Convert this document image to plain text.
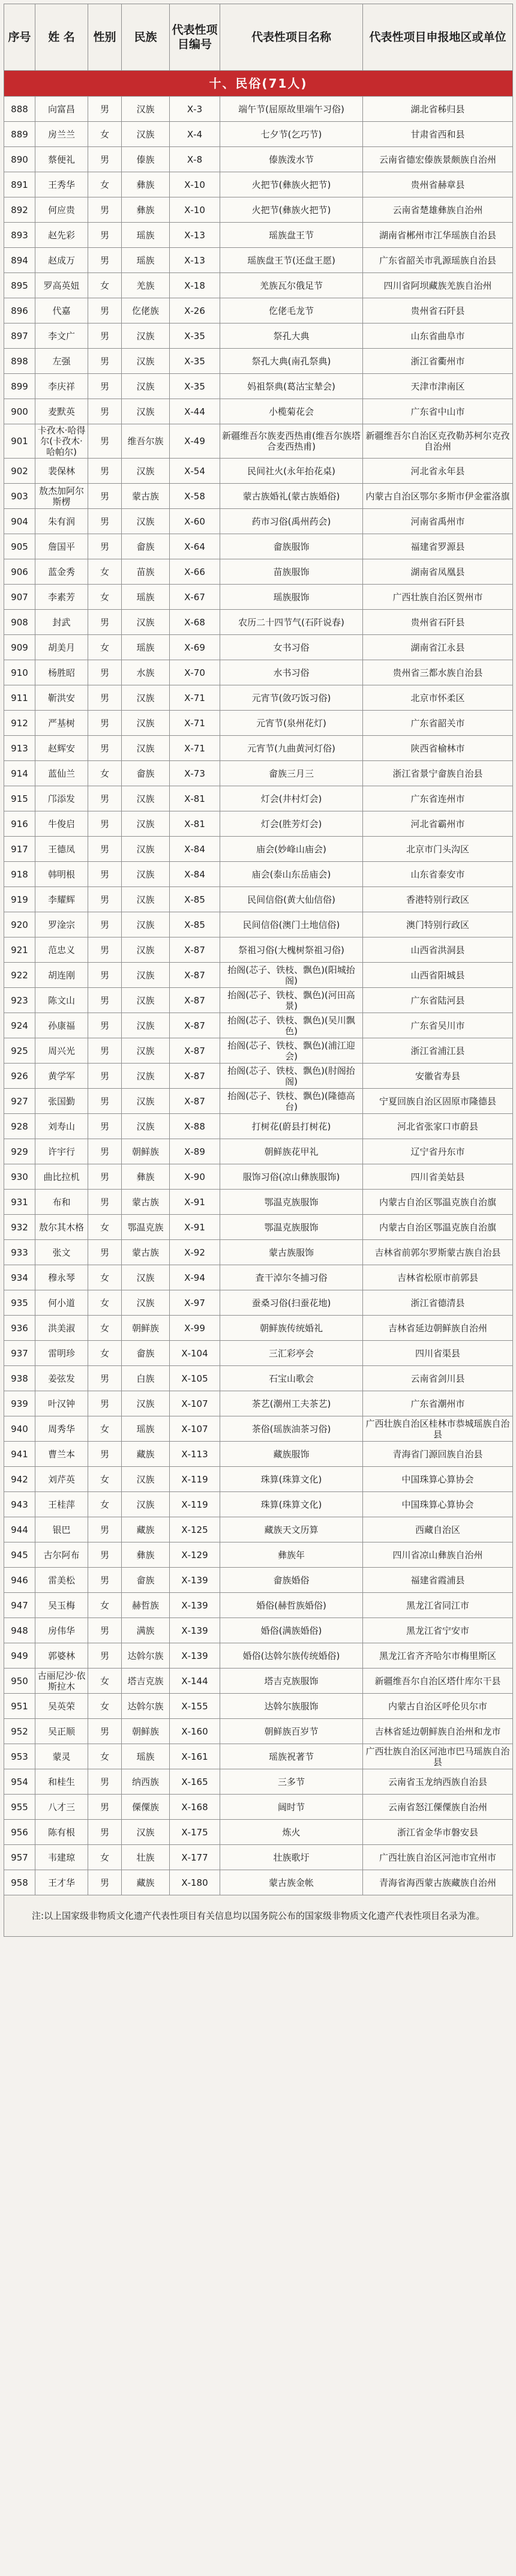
序号	姓 名	性别	民族	代表性项目编号	代表性项目名称	代表性项目申报地区或单位
十、民俗(71人)						
888	向富昌	男	汉族	Ⅹ-3	端午节(屈原故里端午习俗)	湖北省秭归县
889	房兰兰	女	汉族	Ⅹ-4	七夕节(乞巧节)	甘肃省西和县
890	蔡便礼	男	傣族	Ⅹ-8	傣族泼水节	云南省德宏傣族景颇族自治州
891	王秀华	女	彝族	Ⅹ-10	火把节(彝族火把节)	贵州省赫章县
892	何应贵	男	彝族	Ⅹ-10	火把节(彝族火把节)	云南省楚雄彝族自治州
893	赵先彩	男	瑶族	Ⅹ-13	瑶族盘王节	湖南省郴州市江华瑶族自治县
894	赵成万	男	瑶族	Ⅹ-13	瑶族盘王节(还盘王愿)	广东省韶关市乳源瑶族自治县
895	罗高英妞	女	羌族	Ⅹ-18	羌族瓦尔俄足节	四川省阿坝藏族羌族自治州
896	代嘉	男	仡佬族	Ⅹ-26	仡佬毛龙节	贵州省石阡县
897	李文广	男	汉族	Ⅹ-35	祭孔大典	山东省曲阜市
898	左强	男	汉族	Ⅹ-35	祭孔大典(南孔祭典)	浙江省衢州市
899	李庆祥	男	汉族	Ⅹ-35	妈祖祭典(葛沽宝辇会)	天津市津南区
900	麦默英	男	汉族	Ⅹ-44	小榄菊花会	广东省中山市
901	卡孜木·哈得尔(卡孜木·哈帕尔)	男	维吾尔族	Ⅹ-49	新疆维吾尔族麦西热甫(维吾尔族塔合麦西热甫)	新疆维吾尔自治区克孜勒苏柯尔克孜自治州
902	裴保林	男	汉族	Ⅹ-54	民间社火(永年抬花桌)	河北省永年县
903	敖杰加阿尔斯楞	男	蒙古族	Ⅹ-58	蒙古族婚礼(蒙古族婚俗)	内蒙古自治区鄂尔多斯市伊金霍洛旗
904	朱有润	男	汉族	Ⅹ-60	药市习俗(禹州药会)	河南省禹州市
905	詹国平	男	畲族	Ⅹ-64	畲族服饰	福建省罗源县
906	蓝金秀	女	苗族	Ⅹ-66	苗族服饰	湖南省凤凰县
907	李素芳	女	瑶族	Ⅹ-67	瑶族服饰	广西壮族自治区贺州市
908	封武	男	汉族	Ⅹ-68	农历二十四节气(石阡说春)	贵州省石阡县
909	胡美月	女	瑶族	Ⅹ-69	女书习俗	湖南省江永县
910	杨胜昭	男	水族	Ⅹ-70	水书习俗	贵州省三都水族自治县
911	靳洪安	男	汉族	Ⅹ-71	元宵节(敛巧饭习俗)	北京市怀柔区
912	严基树	男	汉族	Ⅹ-71	元宵节(泉州花灯)	广东省韶关市
913	赵辉安	男	汉族	Ⅹ-71	元宵节(九曲黄河灯俗)	陕西省榆林市
914	蓝仙兰	女	畲族	Ⅹ-73	畲族三月三	浙江省景宁畲族自治县
915	邝添发	男	汉族	Ⅹ-81	灯会(井村灯会)	广东省连州市
916	牛俊启	男	汉族	Ⅹ-81	灯会(胜芳灯会)	河北省霸州市
917	王德凤	男	汉族	Ⅹ-84	庙会(妙峰山庙会)	北京市门头沟区
918	韩明根	男	汉族	Ⅹ-84	庙会(泰山东岳庙会)	山东省泰安市
919	李耀辉	男	汉族	Ⅹ-85	民间信俗(黄大仙信俗)	香港特别行政区
920	罗淦宗	男	汉族	Ⅹ-85	民间信俗(澳门土地信俗)	澳门特别行政区
921	范忠义	男	汉族	Ⅹ-87	祭祖习俗(大槐树祭祖习俗)	山西省洪洞县
922	胡连刚	男	汉族	Ⅹ-87	抬阁(芯子、铁枝、飘色)(阳城抬阁)	山西省阳城县
923	陈文山	男	汉族	Ⅹ-87	抬阁(芯子、铁枝、飘色)(河田高景)	广东省陆河县
924	孙康福	男	汉族	Ⅹ-87	抬阁(芯子、铁枝、飘色)(吴川飘色)	广东省吴川市
925	周兴光	男	汉族	Ⅹ-87	抬阁(芯子、铁枝、飘色)(浦江迎会)	浙江省浦江县
926	黄学军	男	汉族	Ⅹ-87	抬阁(芯子、铁枝、飘色)(肘阁抬阁)	安徽省寿县
927	张国勤	男	汉族	Ⅹ-87	抬阁(芯子、铁枝、飘色)(隆德高台)	宁夏回族自治区固原市隆德县
928	刘寿山	男	汉族	Ⅹ-88	打树花(蔚县打树花)	河北省张家口市蔚县
929	许宇行	男	朝鲜族	Ⅹ-89	朝鲜族花甲礼	辽宁省丹东市
930	曲比拉机	男	彝族	Ⅹ-90	服饰习俗(凉山彝族服饰)	四川省美姑县
931	布和	男	蒙古族	Ⅹ-91	鄂温克族服饰	内蒙古自治区鄂温克族自治旗
932	敖尔其木格	女	鄂温克族	Ⅹ-91	鄂温克族服饰	内蒙古自治区鄂温克族自治旗
933	张文	男	蒙古族	Ⅹ-92	蒙古族服饰	吉林省前郭尔罗斯蒙古族自治县
934	穆永琴	女	汉族	Ⅹ-94	査干淖尔冬捕习俗	吉林省松原市前郭县
935	何小道	女	汉族	Ⅹ-97	蚕桑习俗(扫蚕花地)	浙江省德清县
936	洪美淑	女	朝鲜族	Ⅹ-99	朝鲜族传统婚礼	吉林省延边朝鲜族自治州
937	雷明珍	女	畲族	Ⅹ-104	三汇彩亭会	四川省渠县
938	姜弦发	男	白族	Ⅹ-105	石宝山歌会	云南省剑川县
939	叶汉钟	男	汉族	Ⅹ-107	茶艺(潮州工夫茶艺)	广东省潮州市
940	周秀华	女	瑶族	Ⅹ-107	茶俗(瑶族油茶习俗)	广西壮族自治区桂林市恭城瑶族自治县
941	曹兰本	男	藏族	Ⅹ-113	藏族服饰	青海省门源回族自治县
942	刘芹英	女	汉族	Ⅹ-119	珠算(珠算文化)	中国珠算心算协会
943	王桂萍	女	汉族	Ⅹ-119	珠算(珠算文化)	中国珠算心算协会
944	银巴	男	藏族	Ⅹ-125	藏族天文历算	西藏自治区
945	古尔阿布	男	彝族	Ⅹ-129	彝族年	四川省凉山彝族自治州
946	雷美松	男	畲族	Ⅹ-139	畲族婚俗	福建省霞浦县
947	吴玉梅	女	赫哲族	Ⅹ-139	婚俗(赫哲族婚俗)	黑龙江省同江市
948	房伟华	男	满族	Ⅹ-139	婚俗(满族婚俗)	黑龙江省宁安市
949	郭婆林	男	达斡尔族	Ⅹ-139	婚俗(达斡尔族传统婚俗)	黑龙江省齐齐哈尔市梅里斯区
950	古丽尼沙·依斯拉木	女	塔吉克族	Ⅹ-144	塔吉克族服饰	新疆维吾尔自治区塔什库尔干县
951	吴英荣	女	达斡尔族	Ⅹ-155	达斡尔族服饰	内蒙古自治区呼伦贝尔市
952	吴正顺	男	朝鲜族	Ⅹ-160	朝鲜族百岁节	吉林省延边朝鲜族自治州和龙市
953	蒙灵	女	瑶族	Ⅹ-161	瑶族祝著节	广西壮族自治区河池市巴马瑶族自治县
954	和桂生	男	纳西族	Ⅹ-165	三多节	云南省玉龙纳西族自治县
955	八才三	男	傈僳族	Ⅹ-168	阔时节	云南省怒江傈僳族自治州
956	陈有根	男	汉族	Ⅹ-175	炼火	浙江省金华市磐安县
957	韦建琼	女	壮族	Ⅹ-177	壮族歌圩	广西壮族自治区河池市宜州市
958	王才华	男	藏族	Ⅹ-180	蒙古族金帐	青海省海西蒙古族藏族自治州
注:以上国家级非物质文化遗产代表性项目有关信息均以国务院公布的国家级非物质文化遗产代表性项目名录为准。						
